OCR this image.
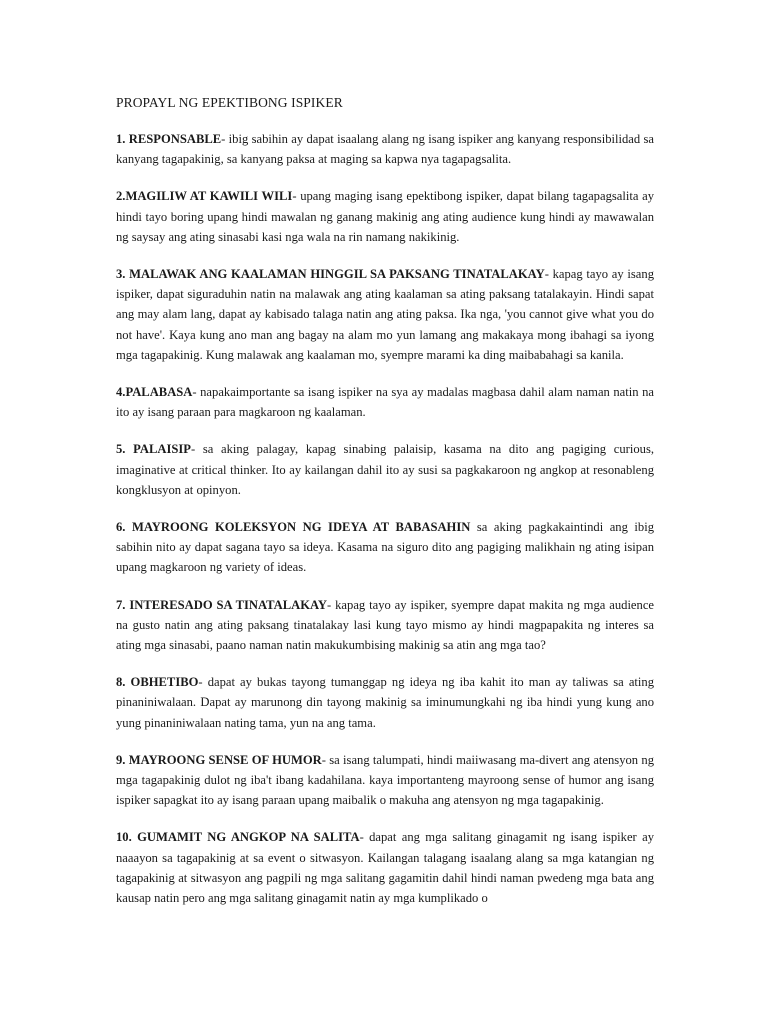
PROPAYL NG EPEKTIBONG ISPIKER

1. RESPONSABLE- ibig sabihin ay dapat isaalang alang ng isang ispiker ang kanyang responsibilidad sa kanyang tagapakinig, sa kanyang paksa at maging sa kapwa nya tagapagsalita.

2.MAGILIW AT KAWILI WILI- upang maging isang epektibong ispiker, dapat bilang tagapagsalita ay hindi tayo boring upang hindi mawalan ng ganang makinig ang ating audience kung hindi ay mawawalan ng saysay ang ating sinasabi kasi nga wala na rin namang nakikinig.

3. MALAWAK ANG KAALAMAN HINGGIL SA PAKSANG TINATALAKAY- kapag tayo ay isang ispiker, dapat siguraduhin natin na malawak ang ating kaalaman sa ating paksang tatalakayin. Hindi sapat ang may alam lang, dapat ay kabisado talaga natin ang ating paksa. Ika nga, 'you cannot give what you do not have'. Kaya kung ano man ang bagay na alam mo yun lamang ang makakaya mong ibahagi sa iyong mga tagapakinig. Kung malawak ang kaalaman mo, syempre marami ka ding maibabahagi sa kanila.

4.PALABASA- napakaimportante sa isang ispiker na sya ay madalas magbasa dahil alam naman natin na ito ay isang paraan para magkaroon ng kaalaman.

5. PALAISIP- sa aking palagay, kapag sinabing palaisip, kasama na dito ang pagiging curious, imaginative at critical thinker. Ito ay kailangan dahil ito ay susi sa pagkakaroon ng angkop at resonableng kongklusyon at opinyon.

6. MAYROONG KOLEKSYON NG IDEYA AT BABASAHIN sa aking pagkakaintindi ang ibig sabihin nito ay dapat sagana tayo sa ideya. Kasama na siguro dito ang pagiging malikhain ng ating isipan upang magkaroon ng variety of ideas.

7. INTERESADO SA TINATALAKAY- kapag tayo ay ispiker, syempre dapat makita ng mga audience na gusto natin ang ating paksang tinatalakay lasi kung tayo mismo ay hindi magpapakita ng interes sa ating mga sinasabi, paano naman natin makukumbising makinig sa atin ang mga tao?

8. OBHETIBO- dapat ay bukas tayong tumanggap ng ideya ng iba kahit ito man ay taliwas sa ating pinaniniwalaan. Dapat ay marunong din tayong makinig sa iminumungkahi ng iba hindi yung kung ano yung pinaniniwalaan nating tama, yun na ang tama.

9. MAYROONG SENSE OF HUMOR- sa isang talumpati, hindi maiiwasang ma-divert ang atensyon ng mga tagapakinig dulot ng iba't ibang kadahilana. kaya importanteng mayroong sense of humor ang isang ispiker sapagkat ito ay isang paraan upang maibalik o makuha ang atensyon ng mga tagapakinig.

10. GUMAMIT NG ANGKOP NA SALITA- dapat ang mga salitang ginagamit ng isang ispiker ay naaayon sa tagapakinig at sa event o sitwasyon. Kailangan talagang isaalang alang sa mga katangian ng tagapakinig at sitwasyon ang pagpili ng mga salitang gagamitin dahil hindi naman pwedeng mga bata ang kausap natin pero ang mga salitang ginagamit natin ay mga kumplikado o
